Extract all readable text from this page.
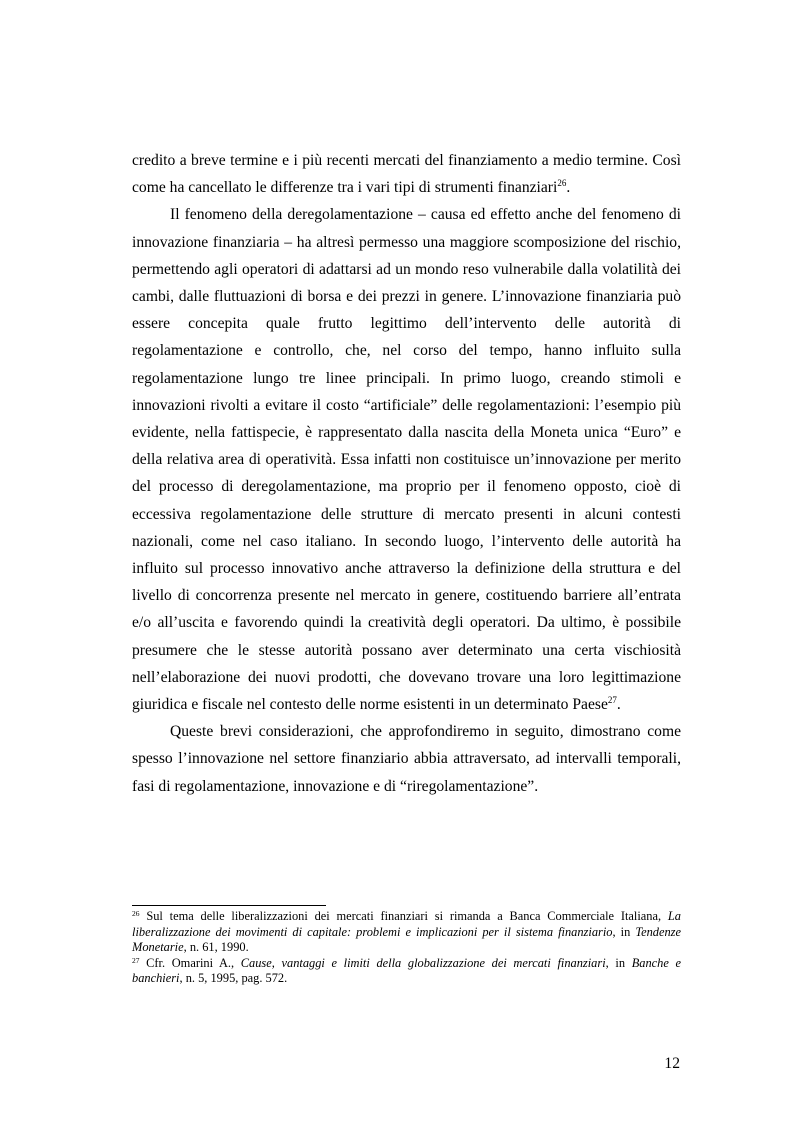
credito a breve termine e i più recenti mercati del finanziamento a medio termine. Così come ha cancellato le differenze tra i vari tipi di strumenti finanziari$^{26}$.

Il fenomeno della deregolamentazione – causa ed effetto anche del fenomeno di innovazione finanziaria – ha altresì permesso una maggiore scomposizione del rischio, permettendo agli operatori di adattarsi ad un mondo reso vulnerabile dalla volatilità dei cambi, dalle fluttuazioni di borsa e dei prezzi in genere. L’innovazione finanziaria può essere concepita quale frutto legittimo dell’intervento delle autorità di regolamentazione e controllo, che, nel corso del tempo, hanno influito sulla regolamentazione lungo tre linee principali. In primo luogo, creando stimoli e innovazioni rivolti a evitare il costo “artificiale” delle regolamentazioni: l’esempio più evidente, nella fattispecie, è rappresentato dalla nascita della Moneta unica “Euro” e della relativa area di operatività. Essa infatti non costituisce un’innovazione per merito del processo di deregolamentazione, ma proprio per il fenomeno opposto, cioè di eccessiva regolamentazione delle strutture di mercato presenti in alcuni contesti nazionali, come nel caso italiano. In secondo luogo, l’intervento delle autorità ha influito sul processo innovativo anche attraverso la definizione della struttura e del livello di concorrenza presente nel mercato in genere, costituendo barriere all’entrata e/o all’uscita e favorendo quindi la creatività degli operatori. Da ultimo, è possibile presumere che le stesse autorità possano aver determinato una certa vischiosità nell’elaborazione dei nuovi prodotti, che dovevano trovare una loro legittimazione giuridica e fiscale nel contesto delle norme esistenti in un determinato Paese$^{27}$.

Queste brevi considerazioni, che approfondiremo in seguito, dimostrano come spesso l’innovazione nel settore finanziario abbia attraversato, ad intervalli temporali, fasi di regolamentazione, innovazione e di “riregolamentazione”.

$^{26}$ Sul tema delle liberalizzazioni dei mercati finanziari si rimanda a Banca Commerciale Italiana, La liberalizzazione dei movimenti di capitale: problemi e implicazioni per il sistema finanziario, in Tendenze Monetarie, n. 61, 1990.

$^{27}$ Cfr. Omarini A., Cause, vantaggi e limiti della globalizzazione dei mercati finanziari, in Banche e banchieri, n. 5, 1995, pag. 572.

12
